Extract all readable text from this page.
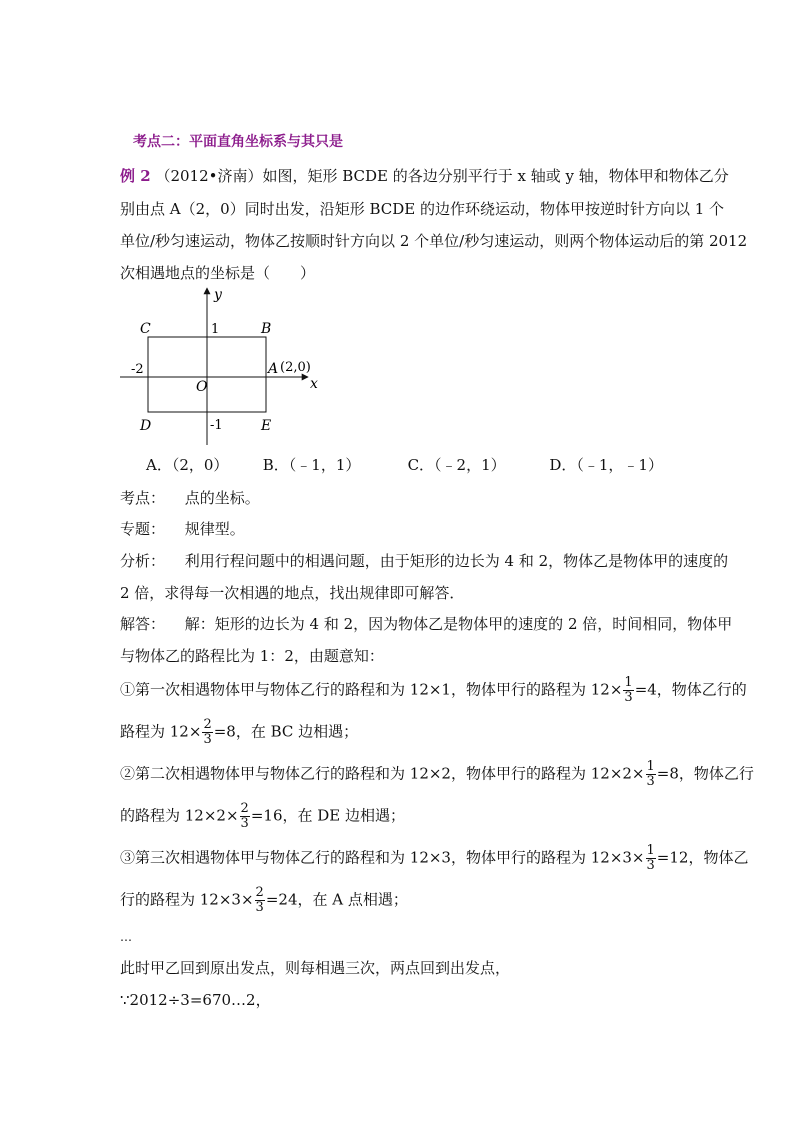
考点二：平面直角坐标系与其只是
例 2 （2012•济南）如图，矩形 BCDE 的各边分别平行于 x 轴或 y 轴，物体甲和物体乙分
别由点 A（2，0）同时出发，沿矩形 BCDE 的边作环绕运动，物体甲按逆时针方向以 1 个
单位/秒匀速运动，物体乙按顺时针方向以 2 个单位/秒匀速运动，则两个物体运动后的第 2012
次相遇地点的坐标是（　　）
y
x
O
C	B
D	E
A (2,0)
1
-1
-2
A．（2，0） B．（﹣1，1）	C．（﹣2，1）	D．（﹣1，﹣1）
考点： 点的坐标。
专题： 规律型。
分析： 利用行程问题中的相遇问题，由于矩形的边长为 4 和 2，物体乙是物体甲的速度的
2 倍，求得每一次相遇的地点，找出规律即可解答．
解答： 解：矩形的边长为 4 和 2，因为物体乙是物体甲的速度的 2 倍，时间相同，物体甲
与物体乙的路程比为 1：2，由题意知：
①第一次相遇物体甲与物体乙行的路程和为 12×1，物体甲行的路程为 $12\times \frac{1}{3} =4$，物体乙行的
路程为 $12\times \frac{2}{3} =8$，在 BC 边相遇；
②第二次相遇物体甲与物体乙行的路程和为 12×2，物体甲行的路程为 $12\times 2\times \frac{1}{3} =8$，物体乙行
的路程为 $12\times 2\times \frac{2}{3} =16$，在 DE 边相遇；
③第三次相遇物体甲与物体乙行的路程和为 12×3，物体甲行的路程为 $12\times 3\times \frac{1}{3} =12$，物体乙
行的路程为 $12\times 3\times \frac{2}{3} =24$，在 A 点相遇；
…
此时甲乙回到原出发点，则每相遇三次，两点回到出发点，
∵2012÷3=670…2，
